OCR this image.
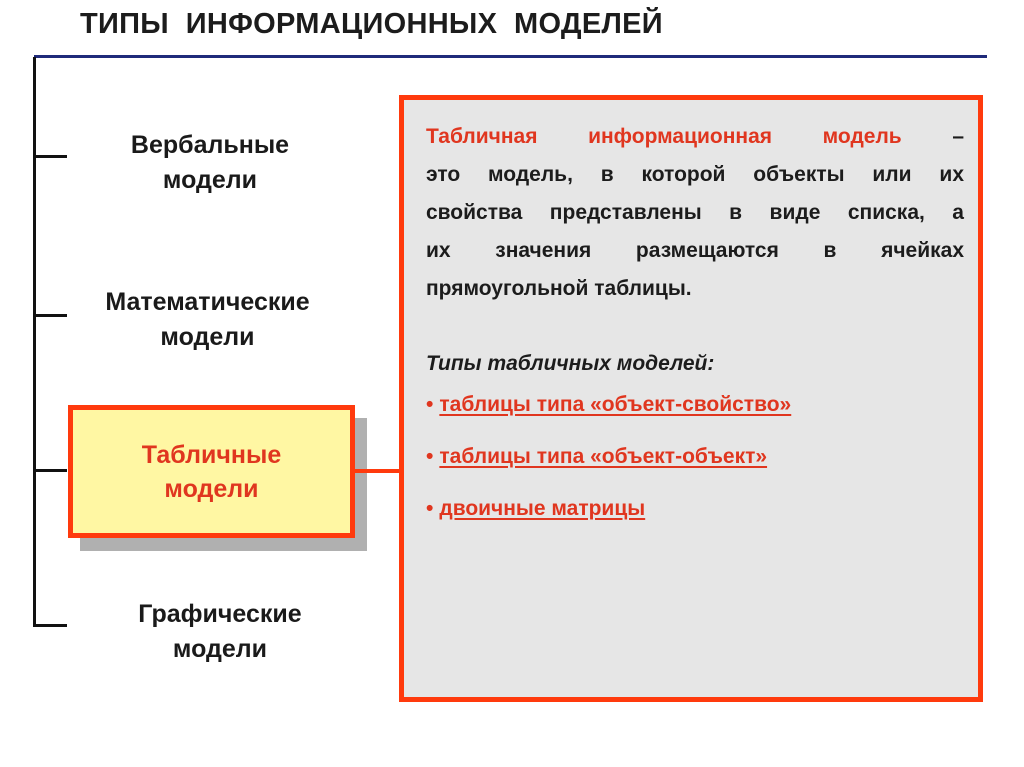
ТИПЫ  ИНФОРМАЦИОННЫХ  МОДЕЛЕЙ
Вербальные
модели
Математические
модели
Табличные
модели
Графические
модели
Табличная информационная модель –
это модель, в которой объекты или их
свойства представлены в виде списка, а
их значения размещаются в ячейках
прямоугольной таблицы.
Типы табличных моделей:
• таблицы типа «объект-свойство»
• таблицы типа «объект-объект»
• двоичные матрицы
